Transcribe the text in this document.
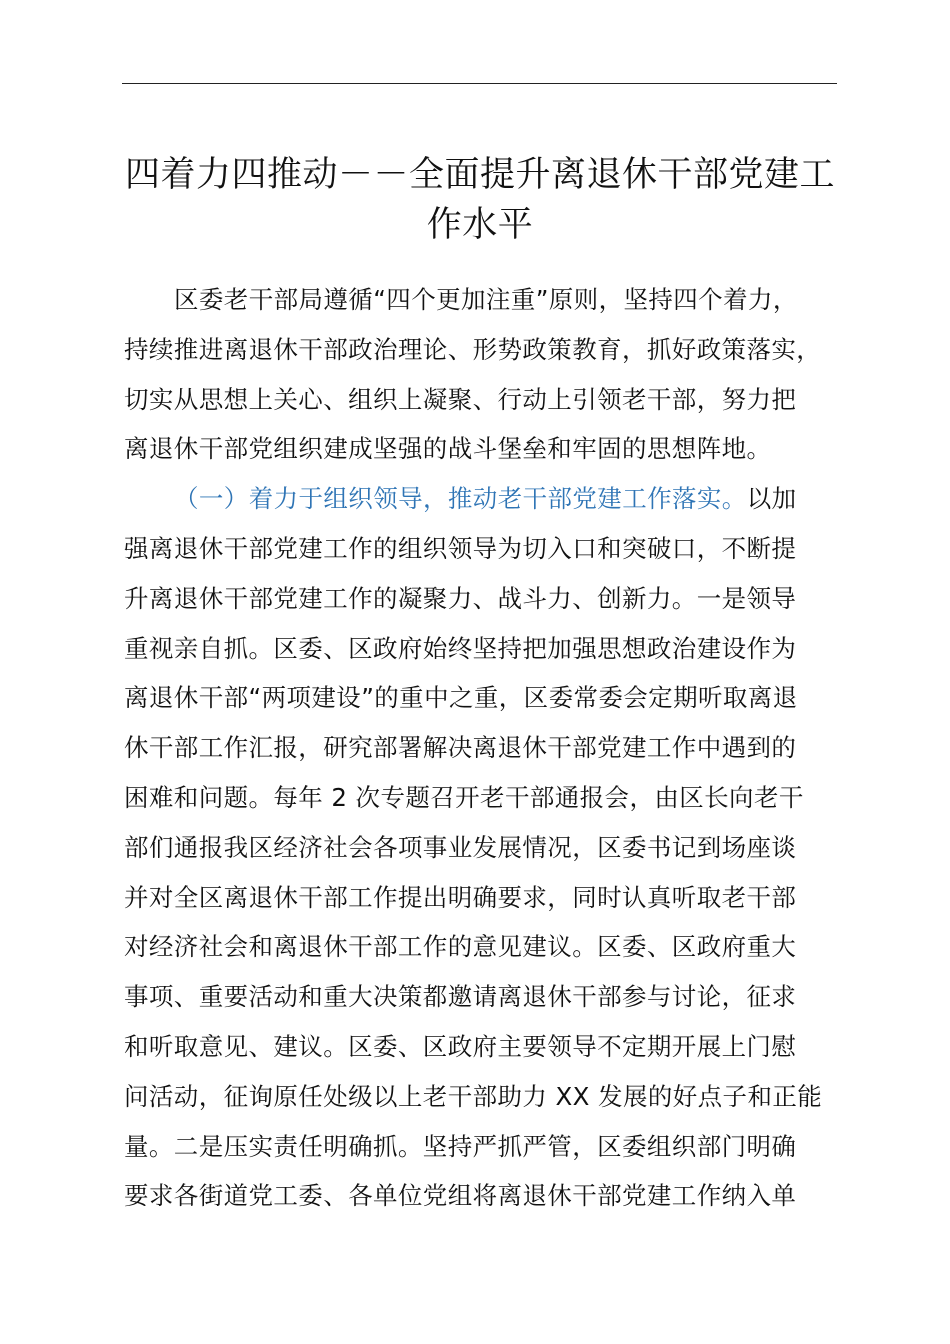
四着力四推动－－全面提升离退休干部党建工
作水平
区委老干部局遵循“四个更加注重”原则，坚持四个着力，
持续推进离退休干部政治理论、形势政策教育，抓好政策落实，
切实从思想上关心、组织上凝聚、行动上引领老干部，努力把
离退休干部党组织建成坚强的战斗堡垒和牢固的思想阵地。
（一）着力于组织领导，推动老干部党建工作落实。以加
强离退休干部党建工作的组织领导为切入口和突破口，不断提
升离退休干部党建工作的凝聚力、战斗力、创新力。一是领导
重视亲自抓。区委、区政府始终坚持把加强思想政治建设作为
离退休干部“两项建设”的重中之重，区委常委会定期听取离退
休干部工作汇报，研究部署解决离退休干部党建工作中遇到的
困难和问题。每年 2 次专题召开老干部通报会，由区长向老干
部们通报我区经济社会各项事业发展情况，区委书记到场座谈
并对全区离退休干部工作提出明确要求，同时认真听取老干部
对经济社会和离退休干部工作的意见建议。区委、区政府重大
事项、重要活动和重大决策都邀请离退休干部参与讨论，征求
和听取意见、建议。区委、区政府主要领导不定期开展上门慰
问活动，征询原任处级以上老干部助力 XX 发展的好点子和正能
量。二是压实责任明确抓。坚持严抓严管，区委组织部门明确
要求各街道党工委、各单位党组将离退休干部党建工作纳入单
